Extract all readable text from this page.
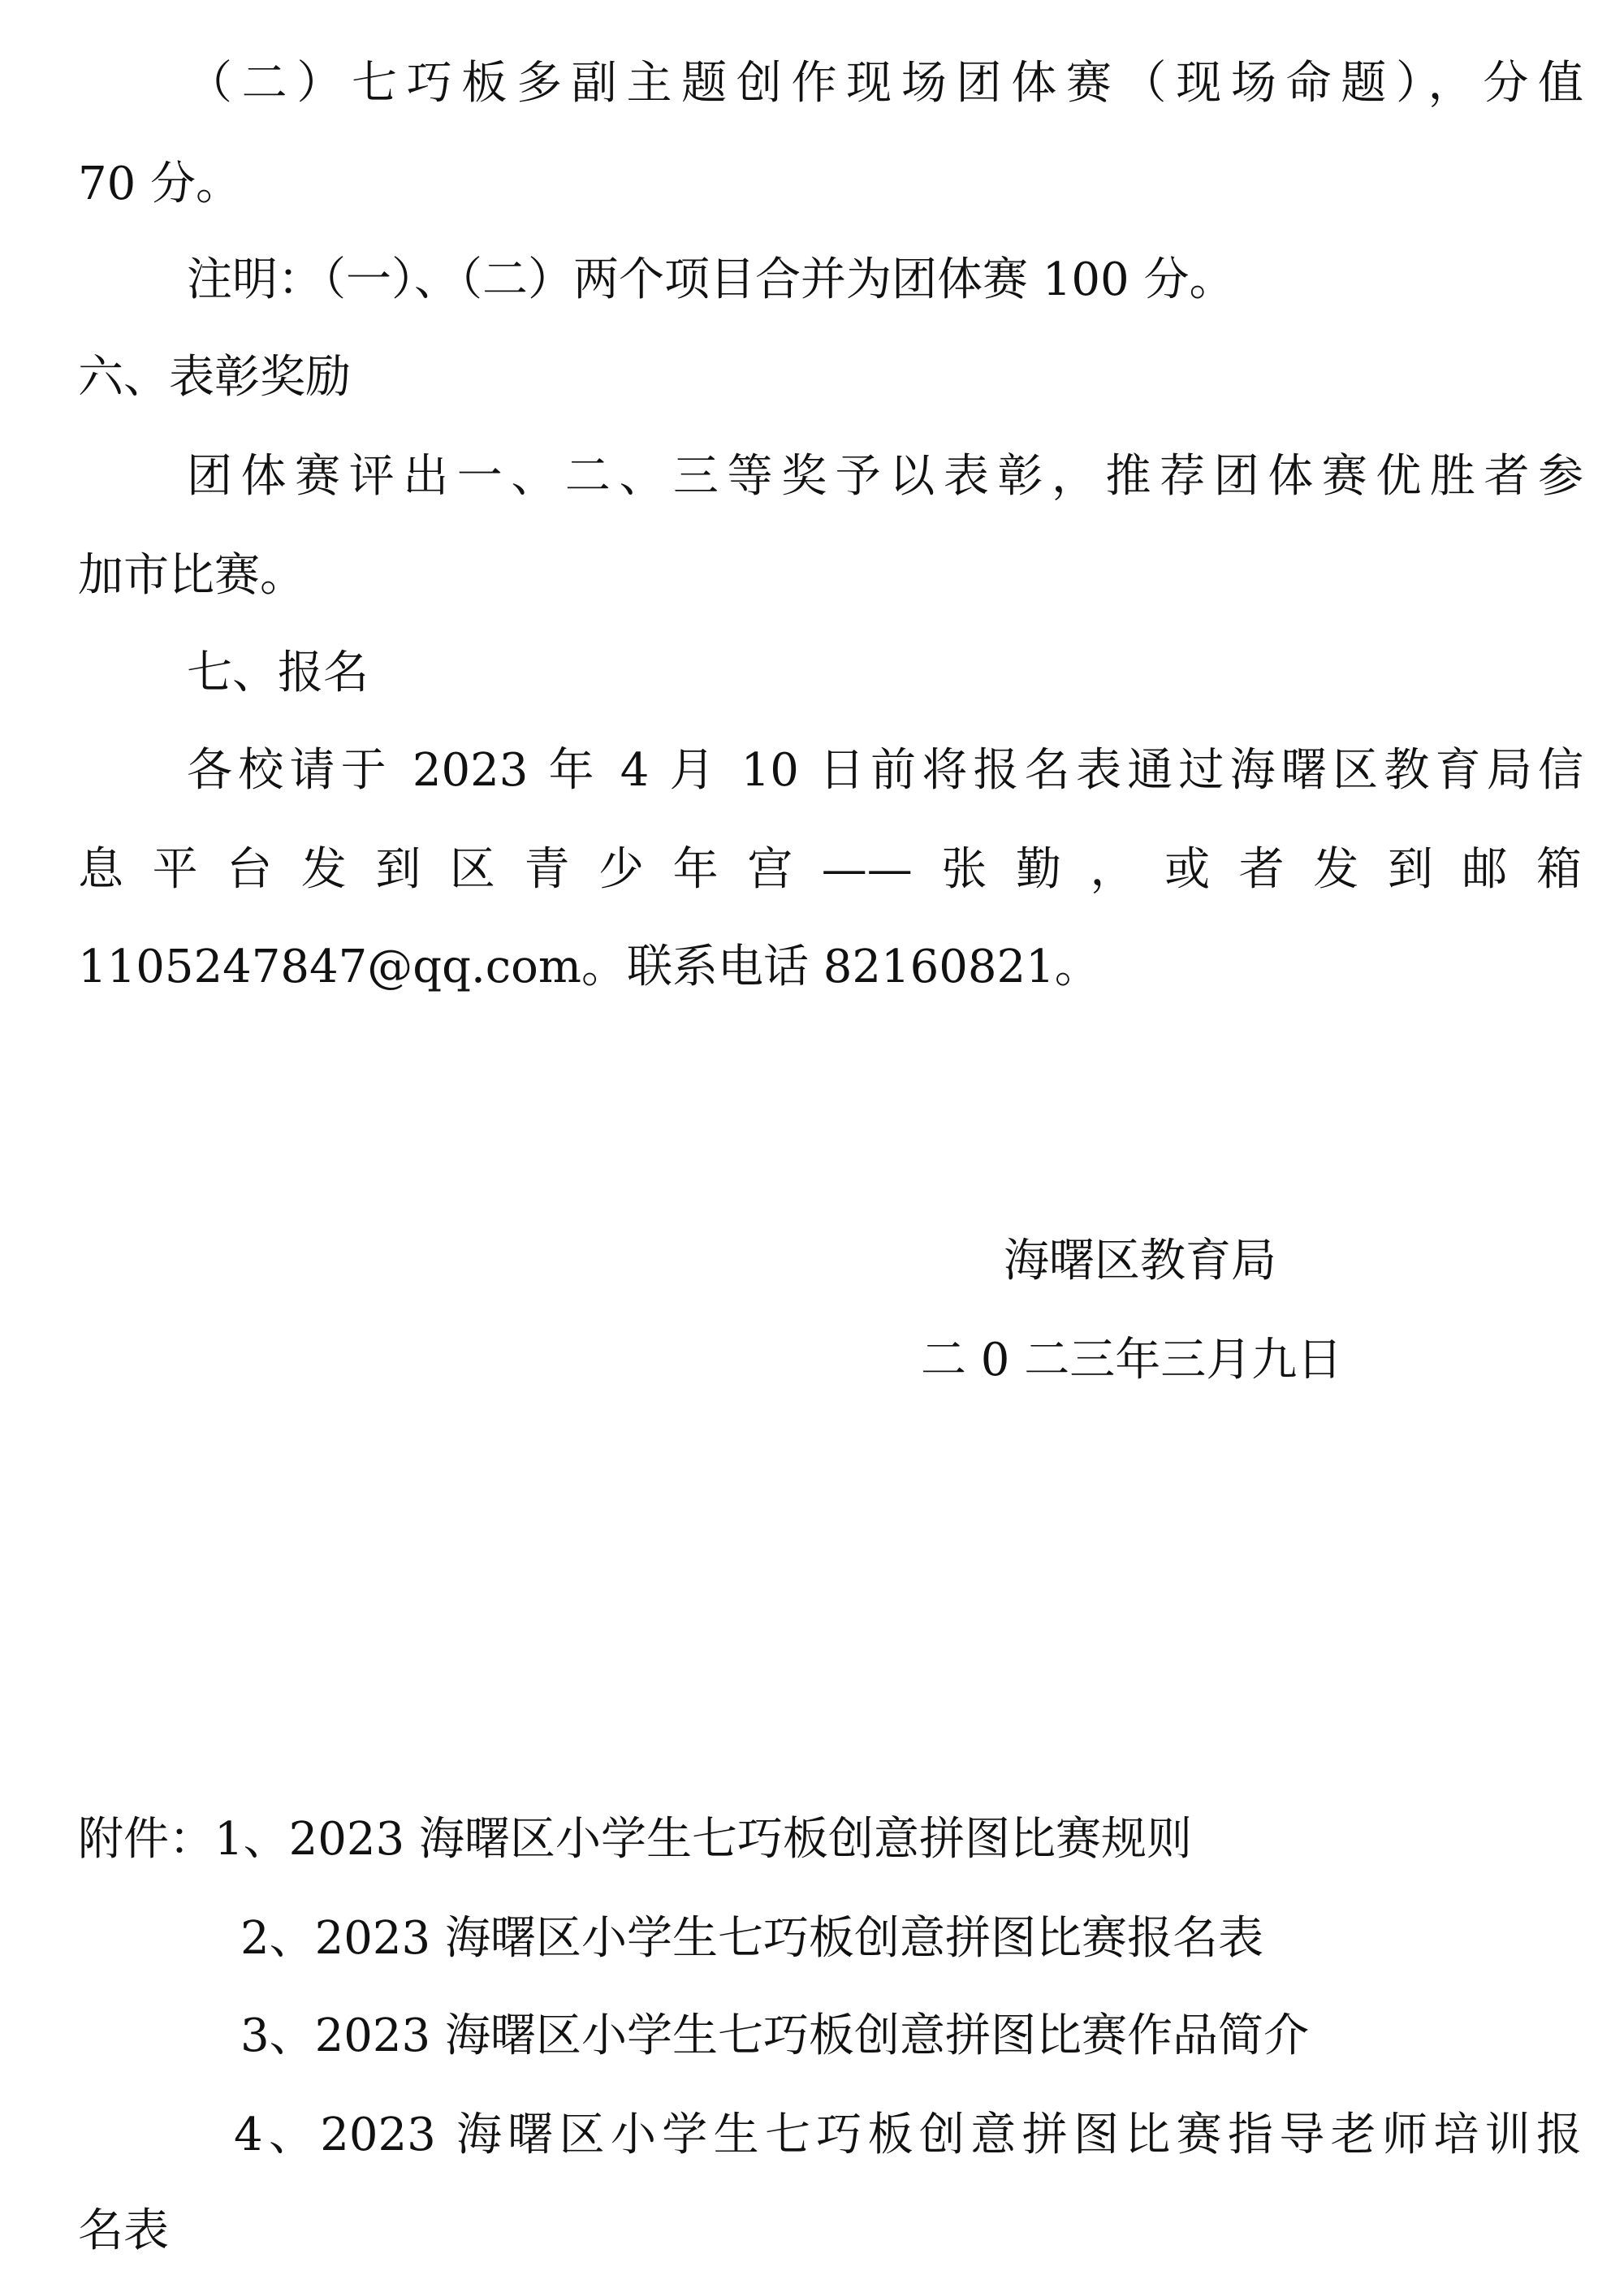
（二）七巧板多副主题创作现场团体赛（现场命题），分值

70 分。

注明：（一）、（二）两个项目合并为团体赛 100 分。

六、表彰奖励

团体赛评出一、二、三等奖予以表彰，推荐团体赛优胜者参

加市比赛。

七、报名

各校请于 2023 年 4 月 10 日前将报名表通过海曙区教育局信

息平台发到区青少年宫——张勤，或者发到邮箱

1105247847@qq.com。联系电话 82160821。

海曙区教育局

二 0 二三年三月九日

附件：1、2023 海曙区小学生七巧板创意拼图比赛规则

2、2023 海曙区小学生七巧板创意拼图比赛报名表

3、2023 海曙区小学生七巧板创意拼图比赛作品简介

4、2023 海曙区小学生七巧板创意拼图比赛指导老师培训报

名表
